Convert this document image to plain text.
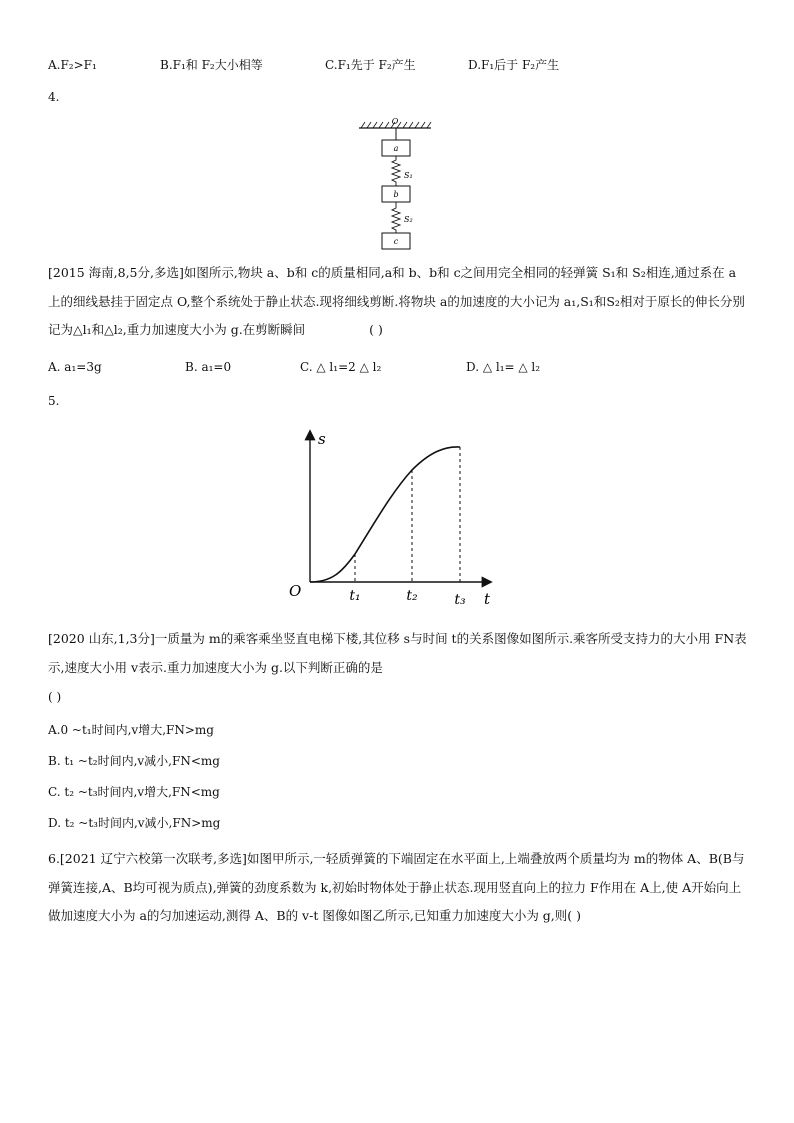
A.F₂>F₁	B.F₁和 F₂大小相等	C.F₁先于 F₂产生	D.F₁后于 F₂产生
4.
O
a
S₁
b
S₂
c
[2015 海南,8,5分,多选]如图所示,物块 a、b和 c的质量相同,a和 b、b和 c之间用完全相同的轻弹簧 S₁和 S₂相连,通过系在 a上的细线悬挂于固定点 O,整个系统处于静止状态.现将细线剪断.将物块 a的加速度的大小记为 a₁,S₁和S₂相对于原长的伸长分别记为△l₁和△l₂,重力加速度大小为 g.在剪断瞬间	( )
A. a₁=3g	B. a₁=0	C. △ l₁=2 △ l₂	D. △ l₁= △ l₂
5.
s
t
O	t₁	t₂	t₃
[2020 山东,1,3分]一质量为 m的乘客乘坐竖直电梯下楼,其位移 s与时间 t的关系图像如图所示.乘客所受支持力的大小用 FN表示,速度大小用 v表示.重力加速度大小为 g.以下判断正确的是
( )
A.0 ~t₁时间内,v增大,FN>mg
B. t₁ ~t₂时间内,v减小,FN<mg
C. t₂ ~t₃时间内,v增大,FN<mg
D. t₂ ~t₃时间内,v减小,FN>mg
6.[2021 辽宁六校第一次联考,多选]如图甲所示,一轻质弹簧的下端固定在水平面上,上端叠放两个质量均为 m的物体 A、B(B与弹簧连接,A、B均可视为质点),弹簧的劲度系数为 k,初始时物体处于静止状态.现用竖直向上的拉力 F作用在 A上,使 A开始向上做加速度大小为 a的匀加速运动,测得 A、B的 v-t 图像如图乙所示,已知重力加速度大小为 g,则( )
